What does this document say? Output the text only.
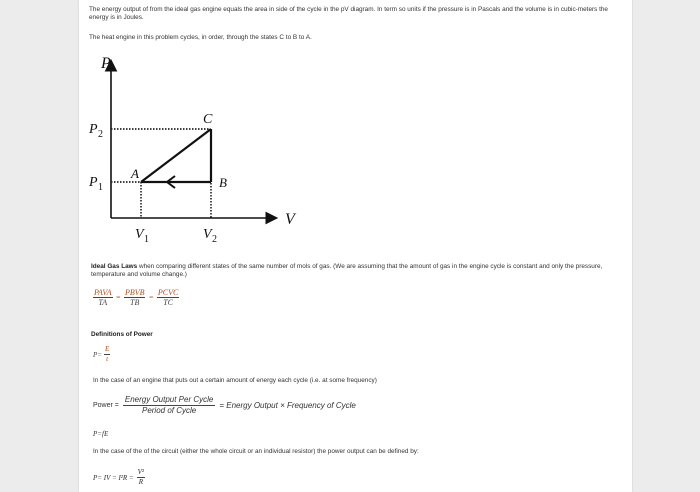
The energy output of from the ideal gas engine equals the area in side of the cycle in the pV diagram. In term so units if the pressure is in Pascals and the volume is in cubic-meters the energy is in Joules.
The heat engine in this problem cycles, in order, through the states C to B to A.
P
V
P 2
P 1
V 1	V 2
A
B
C
Ideal Gas Laws when comparing different states of the same number of mols of gas. (We are assuming that the amount of gas in the engine cycle is constant and only the pressure, temperature and volume change.)
$\frac{\text{PAVA}}{TA} = \frac{\text{PBVB}}{TB} = \frac{\text{PCVC}}{TC}$
Definitions of Power
$P= \frac{E}{t}$
In the case of an engine that puts out a certain amount of energy each cycle (i.e. at some frequency)
Power = $\frac{\text{Energy Output Per Cycle}}{\text{Period of Cycle}}$ = Energy Output × Frequency of Cycle
P=fE
In the case of the of the circuit (either the whole circuit or an individual resistor) the power output can be defined by:
P= IV = $I^2R = \frac{\text{V²}}{R}$
